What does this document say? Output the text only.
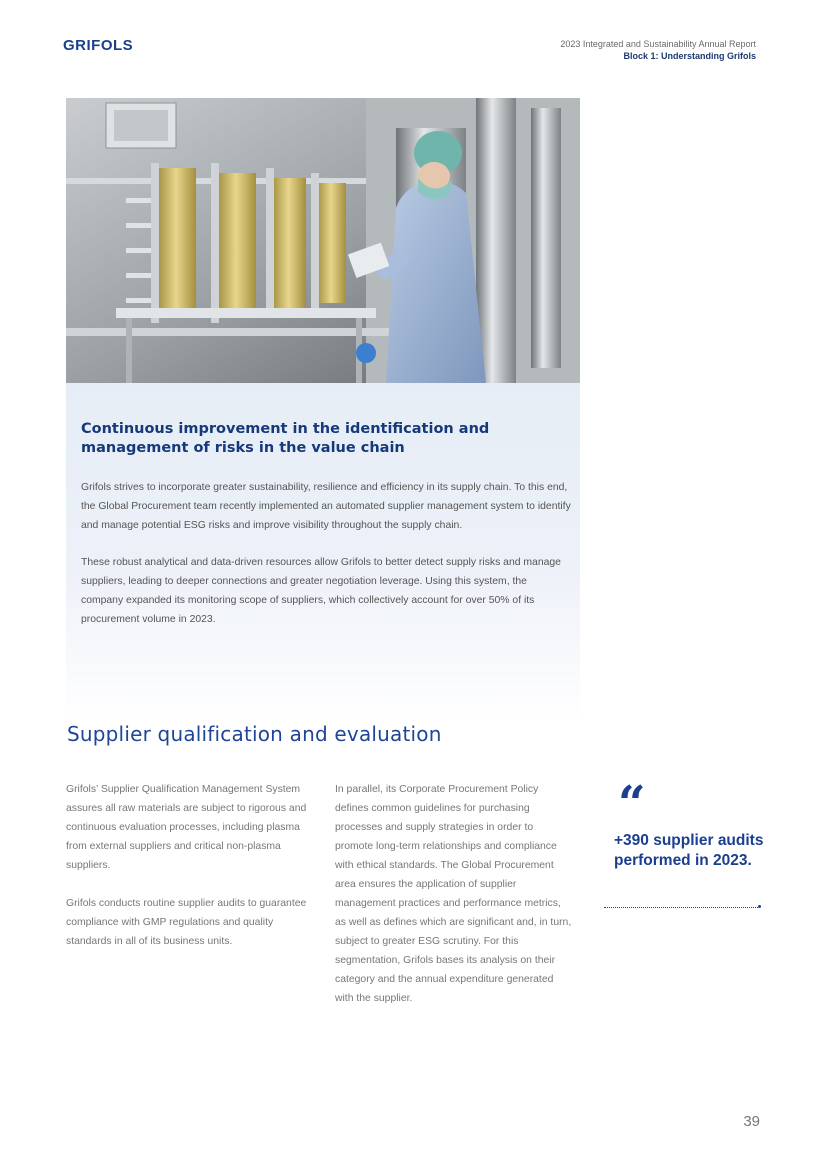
GRIFOLS	2023 Integrated and Sustainability Annual Report
Block 1: Understanding Grifols
Continuous improvement in the identification and management of risks in the value chain

Grifols strives to incorporate greater sustainability, resilience and efficiency in its supply chain. To this end, the Global Procurement team recently implemented an automated supplier management system to identify and manage potential ESG risks and improve visibility throughout the supply chain.

These robust analytical and data-driven resources allow Grifols to better detect supply risks and manage suppliers, leading to deeper connections and greater negotiation leverage. Using this system, the company expanded its monitoring scope of suppliers, which collectively account for over 50% of its procurement volume in 2023.

Supplier qualification and evaluation

Grifols’ Supplier Qualification Management System assures all raw materials are subject to rigorous and continuous evaluation processes, including plasma from external suppliers and critical non-plasma suppliers.

Grifols conducts routine supplier audits to guarantee compliance with GMP regulations and quality standards in all of its business units.

In parallel, its Corporate Procurement Policy defines common guidelines for purchasing processes and supply strategies in order to promote long-term relationships and compliance with ethical standards. The Global Procurement area ensures the application of supplier management practices and performance metrics, as well as defines which are significant and, in turn, subject to greater ESG scrutiny. For this segmentation, Grifols bases its analysis on their category and the annual expenditure generated with the supplier.

“
+390 supplier audits performed in 2023.
39
